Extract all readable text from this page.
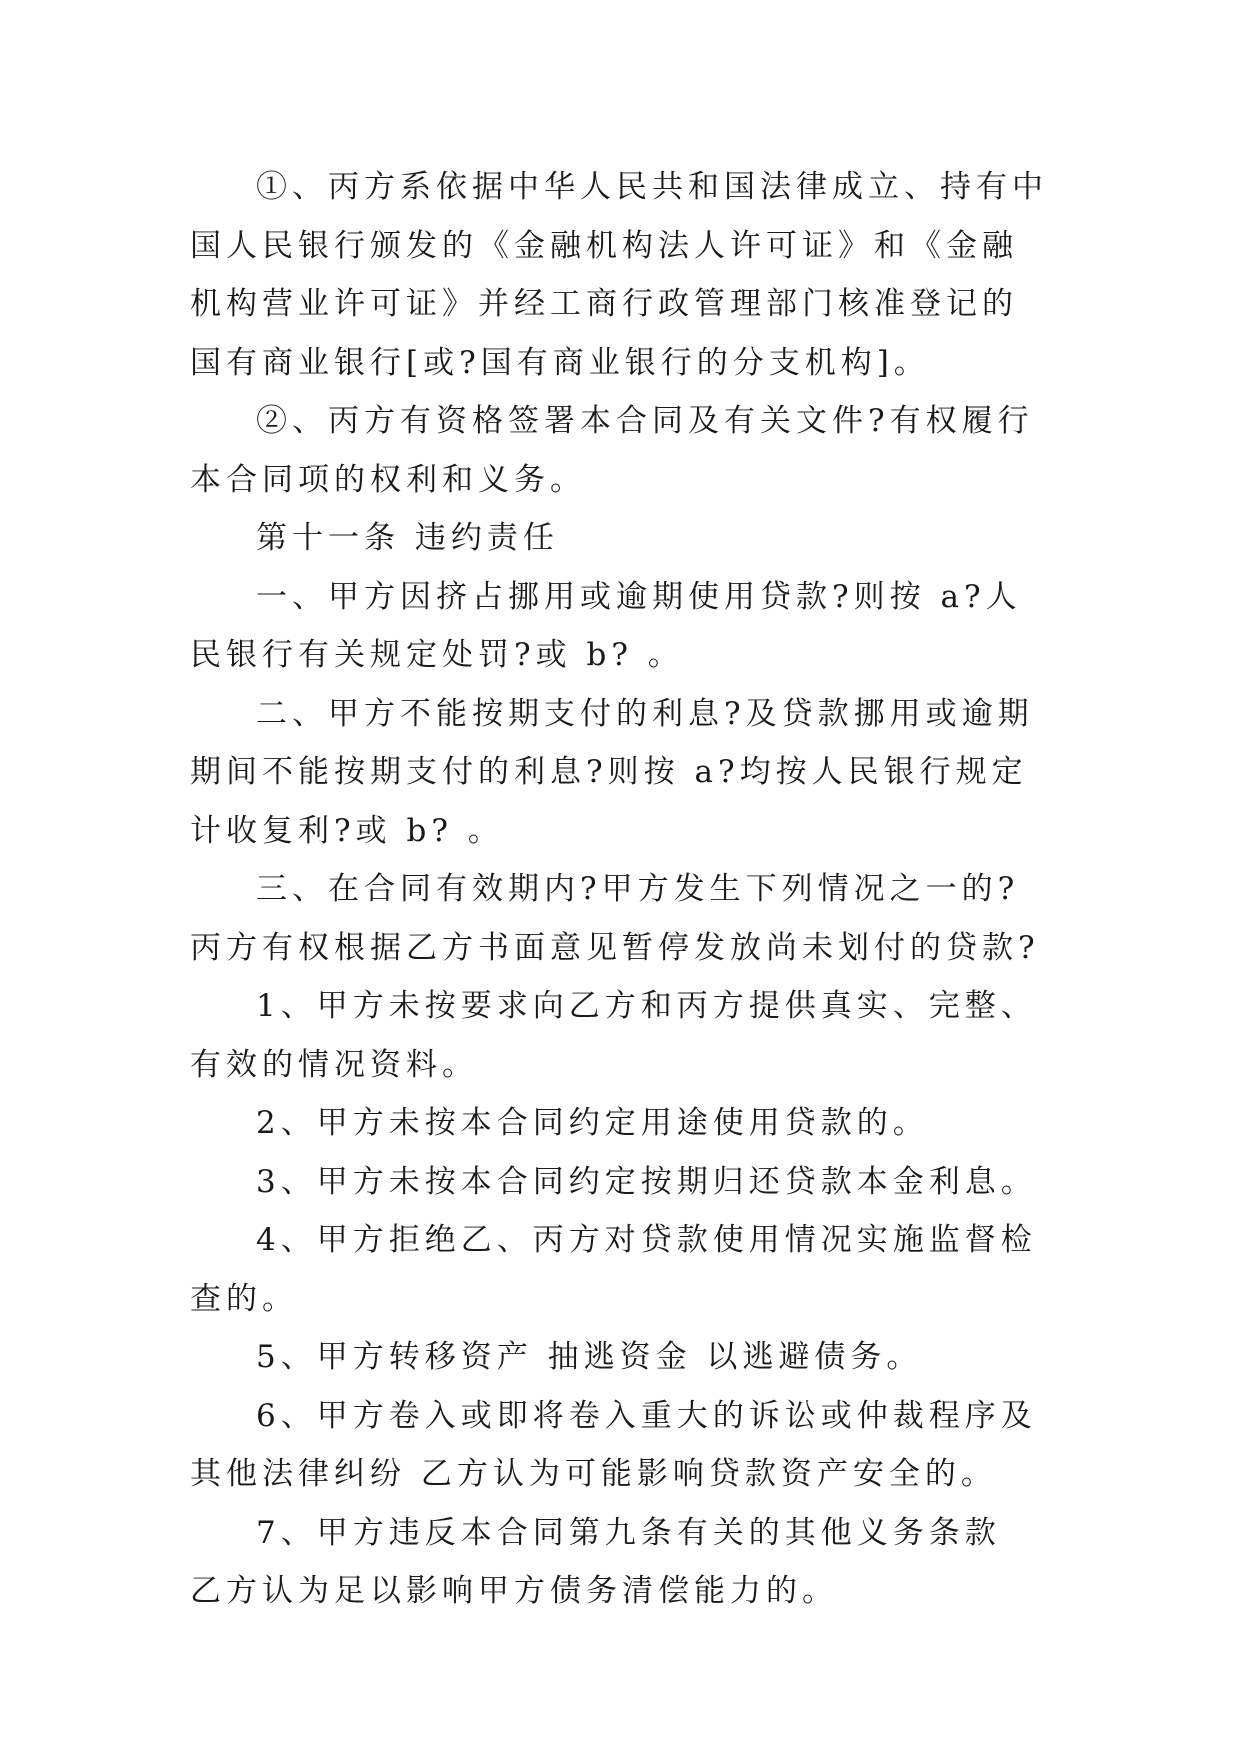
①、丙方系依据中华人民共和国法律成立、持有中国人民银行颁发的《金融机构法人许可证》和《金融机构营业许可证》并经工商行政管理部门核准登记的国有商业银行[或?国有商业银行的分支机构]。

②、丙方有资格签署本合同及有关文件?有权履行本合同项的权利和义务。

第十一条 违约责任

一、甲方因挤占挪用或逾期使用贷款?则按 a?人民银行有关规定处罚?或 b? 。

二、甲方不能按期支付的利息?及贷款挪用或逾期期间不能按期支付的利息?则按 a?均按人民银行规定计收复利?或 b? 。

三、在合同有效期内?甲方发生下列情况之一的?丙方有权根据乙方书面意见暂停发放尚未划付的贷款?

1、甲方未按要求向乙方和丙方提供真实、完整、有效的情况资料。

2、甲方未按本合同约定用途使用贷款的。

3、甲方未按本合同约定按期归还贷款本金利息。

4、甲方拒绝乙、丙方对贷款使用情况实施监督检查的。

5、甲方转移资产 抽逃资金 以逃避债务。

6、甲方卷入或即将卷入重大的诉讼或仲裁程序及其他法律纠纷 乙方认为可能影响贷款资产安全的。

7、甲方违反本合同第九条有关的其他义务条款 乙方认为足以影响甲方债务清偿能力的。
